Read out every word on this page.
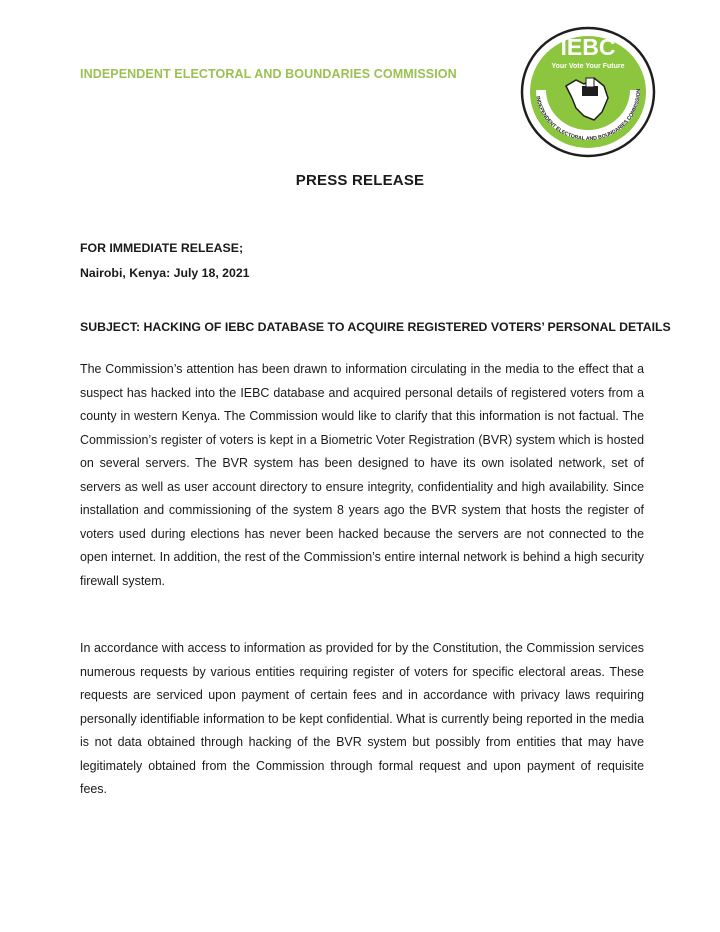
INDEPENDENT ELECTORAL AND BOUNDARIES COMMISSION
IEBC
Your Vote Your Future
INDEPENDENT ELECTORAL AND BOUNDARIES COMMISSION
PRESS RELEASE
FOR IMMEDIATE RELEASE;
Nairobi, Kenya: July 18, 2021
SUBJECT: HACKING OF IEBC DATABASE TO ACQUIRE REGISTERED VOTERS’ PERSONAL DETAILS

The Commission’s attention has been drawn to information circulating in the media to the effect that a suspect has hacked into the IEBC database and acquired personal details of registered voters from a county in western Kenya. The Commission would like to clarify that this information is not factual. The Commission’s register of voters is kept in a Biometric Voter Registration (BVR) system which is hosted on several servers. The BVR system has been designed to have its own isolated network, set of servers as well as user account directory to ensure integrity, confidentiality and high availability. Since installation and commissioning of the system 8 years ago the BVR system that hosts the register of voters used during elections has never been hacked because the servers are not connected to the open internet. In addition, the rest of the Commission’s entire internal network is behind a high security firewall system.

In accordance with access to information as provided for by the Constitution, the Commission services numerous requests by various entities requiring register of voters for specific electoral areas. These requests are serviced upon payment of certain fees and in accordance with privacy laws requiring personally identifiable information to be kept confidential. What is currently being reported in the media is not data obtained through hacking of the BVR system but possibly from entities that may have legitimately obtained from the Commission through formal request and upon payment of requisite fees.
